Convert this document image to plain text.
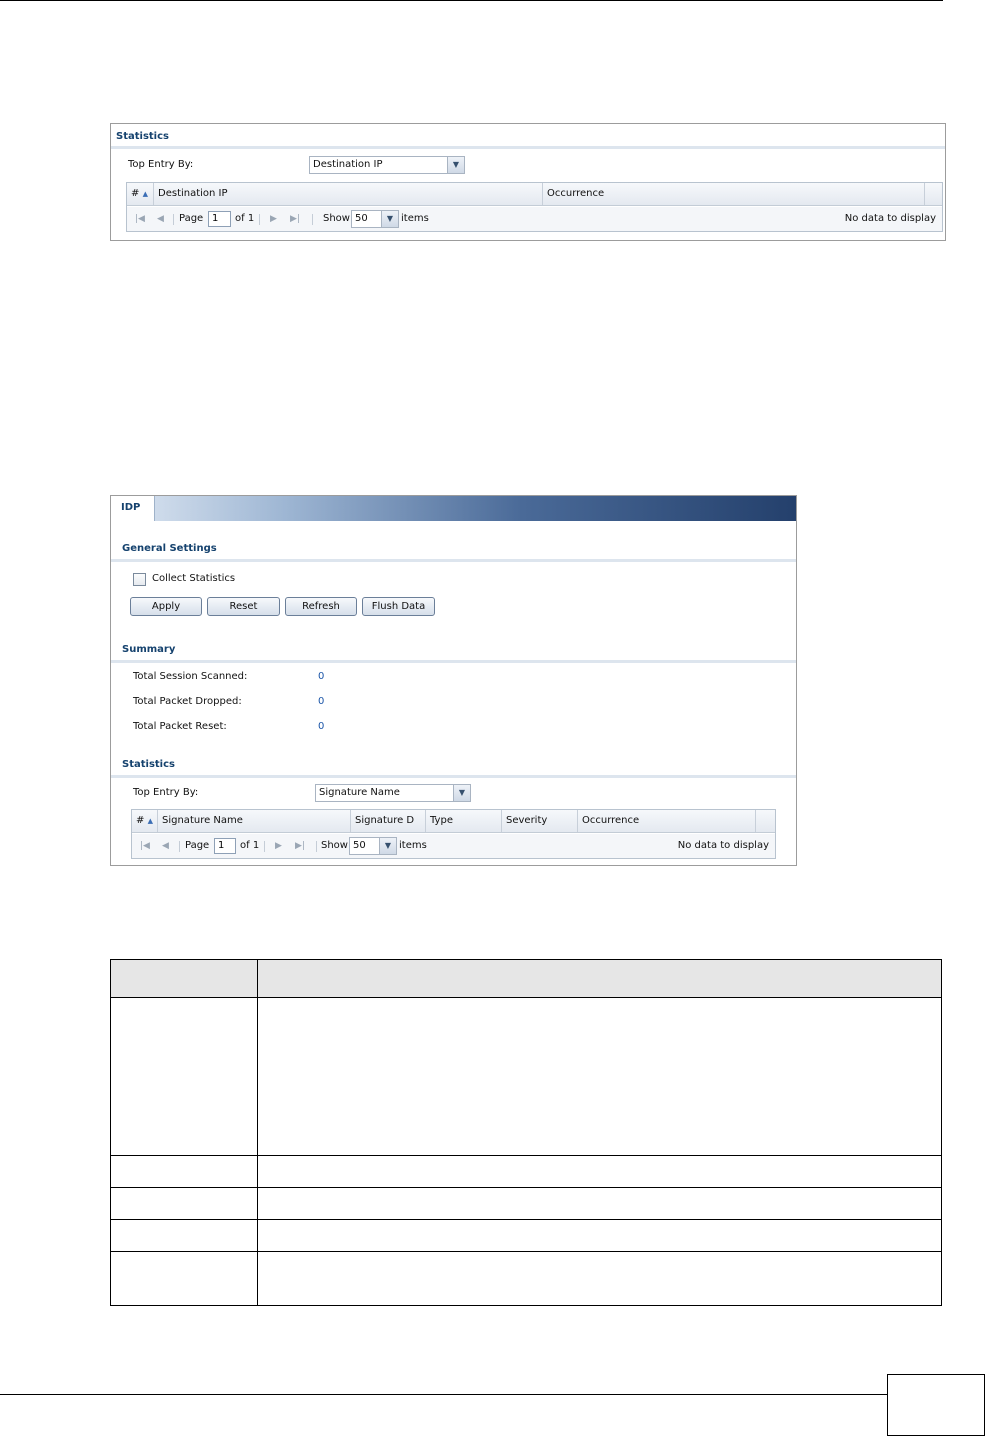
Statistics
Top Entry By:	Destination IP	▼
# ▲	Destination IP	Occurrence
|◀ ◀ Page 1	of 1 ▶ ▶| Show 50	▼ items	No data to display
IDP
General Settings
Collect Statistics
Apply	Reset	Refresh	Flush Data
Summary
Total Session Scanned:	0
Total Packet Dropped:	0
Total Packet Reset:	0
Statistics
Top Entry By:	Signature Name	▼
# ▲ Signature Name	Signature D	Type	Severity	Occurrence
|◀ ◀ Page 1	of 1 ▶ ▶| Show 50	▼ items	No data to display
